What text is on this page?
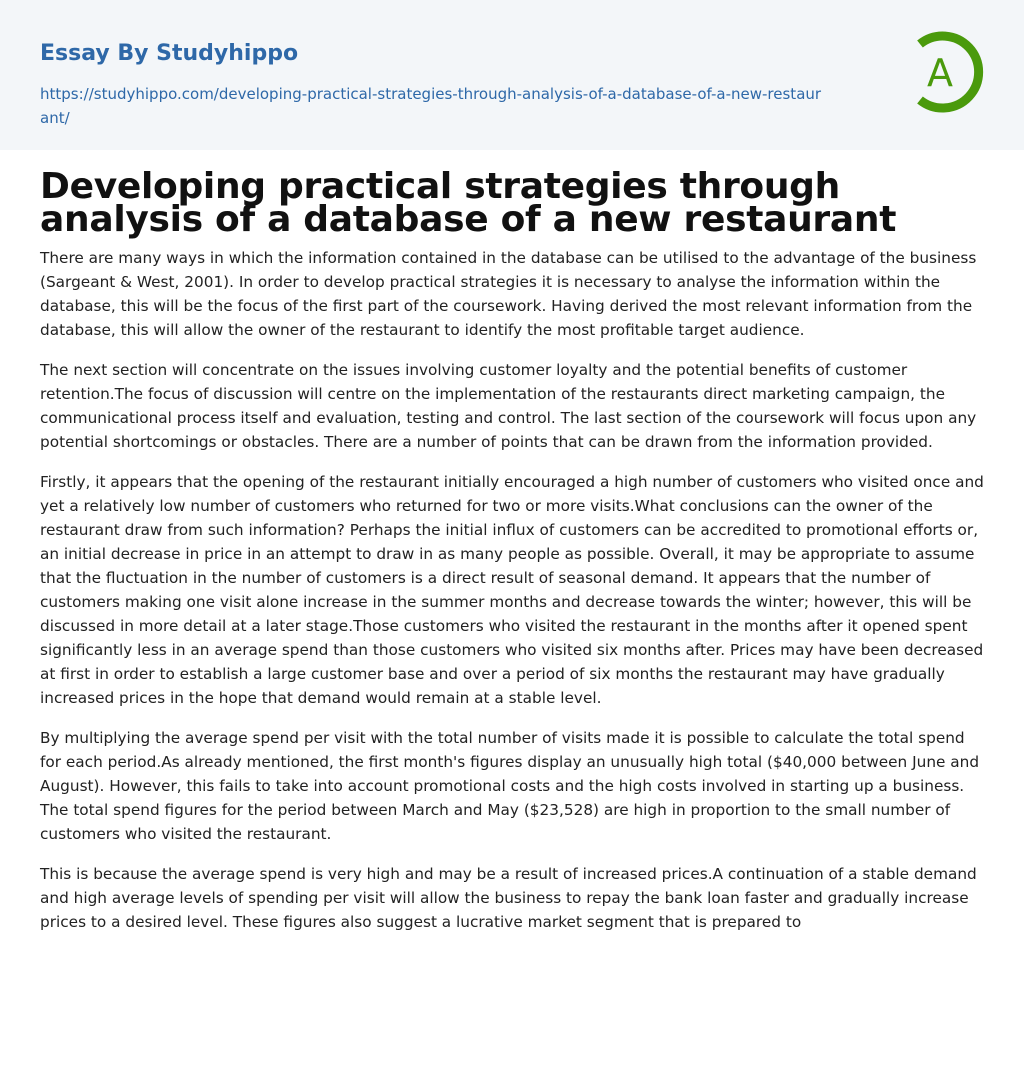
Essay By Studyhippo
https://studyhippo.com/developing-practical-strategies-through-analysis-of-a-database-of-a-new-restaurant/
A
Developing practical strategies through analysis of a database of a new restaurant

There are many ways in which the information contained in the database can be utilised to the advantage of the business (Sargeant & West, 2001). In order to develop practical strategies it is necessary to analyse the information within the database, this will be the focus of the first part of the coursework. Having derived the most relevant information from the database, this will allow the owner of the restaurant to identify the most profitable target audience.

The next section will concentrate on the issues involving customer loyalty and the potential benefits of customer retention.The focus of discussion will centre on the implementation of the restaurants direct marketing campaign, the communicational process itself and evaluation, testing and control. The last section of the coursework will focus upon any potential shortcomings or obstacles. There are a number of points that can be drawn from the information provided.

Firstly, it appears that the opening of the restaurant initially encouraged a high number of customers who visited once and yet a relatively low number of customers who returned for two or more visits.What conclusions can the owner of the restaurant draw from such information? Perhaps the initial influx of customers can be accredited to promotional efforts or, an initial decrease in price in an attempt to draw in as many people as possible. Overall, it may be appropriate to assume that the fluctuation in the number of customers is a direct result of seasonal demand. It appears that the number of customers making one visit alone increase in the summer months and decrease towards the winter; however, this will be discussed in more detail at a later stage.Those customers who visited the restaurant in the months after it opened spent significantly less in an average spend than those customers who visited six months after. Prices may have been decreased at first in order to establish a large customer base and over a period of six months the restaurant may have gradually increased prices in the hope that demand would remain at a stable level.

By multiplying the average spend per visit with the total number of visits made it is possible to calculate the total spend for each period.As already mentioned, the first month's figures display an unusually high total ($40,000 between June and August). However, this fails to take into account promotional costs and the high costs involved in starting up a business. The total spend figures for the period between March and May ($23,528) are high in proportion to the small number of customers who visited the restaurant.

This is because the average spend is very high and may be a result of increased prices.A continuation of a stable demand and high average levels of spending per visit will allow the business to repay the bank loan faster and gradually increase prices to a desired level. These figures also suggest a lucrative market segment that is prepared to
